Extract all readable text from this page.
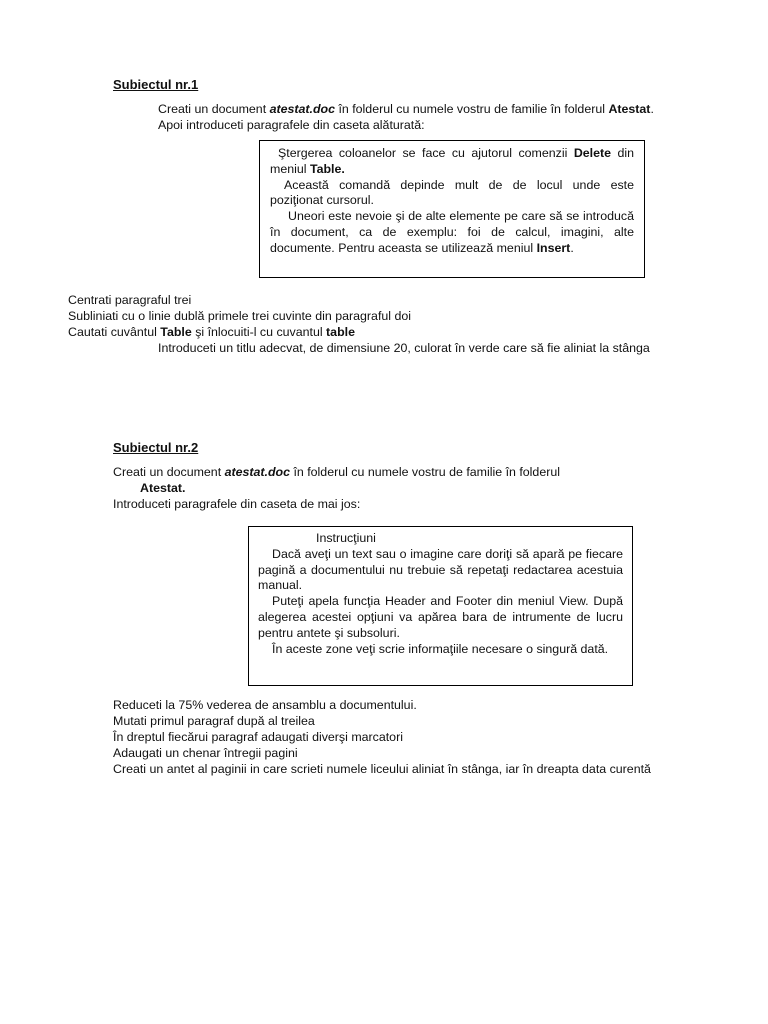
Subiectul nr.1
Creati un document atestat.doc în folderul cu numele vostru de familie în folderul Atestat. Apoi introduceti paragrafele din caseta alăturată:
Ştergerea coloanelor se face cu ajutorul comenzii Delete din meniul Table.
Această comandă depinde mult de de locul unde este poziţionat cursorul.
Uneori este nevoie şi de alte elemente pe care să se introducă în document, ca de exemplu: foi de calcul, imagini, alte documente. Pentru aceasta se utilizează meniul Insert.
Centrati paragraful trei
Subliniati cu o linie dublă primele trei cuvinte din paragraful doi
Cautati cuvântul Table şi înlocuiti-l cu cuvantul table
Introduceti un titlu adecvat, de dimensiune 20, culorat în verde care să fie aliniat la stânga
Subiectul nr.2
Creati un document atestat.doc în folderul cu numele vostru de familie în folderul
Atestat.
Introduceti paragrafele din caseta de mai jos:
Instrucţiuni
Dacă aveţi un text sau o imagine care doriţi să apară pe fiecare pagină a documentului nu trebuie să repetaţi redactarea acestuia manual.
Puteţi apela funcţia Header and Footer din meniul View. După alegerea acestei opţiuni va apărea bara de intrumente de lucru pentru antete şi subsoluri.
În aceste zone veţi scrie informaţiile necesare o singură dată.
Reduceti la 75% vederea de ansamblu a documentului.
Mutati primul paragraf după al treilea
În dreptul fiecărui paragraf adaugati diverşi marcatori
Adaugati un chenar întregii pagini
Creati un antet al paginii in care scrieti numele liceului aliniat în stânga, iar în dreapta data curentă
